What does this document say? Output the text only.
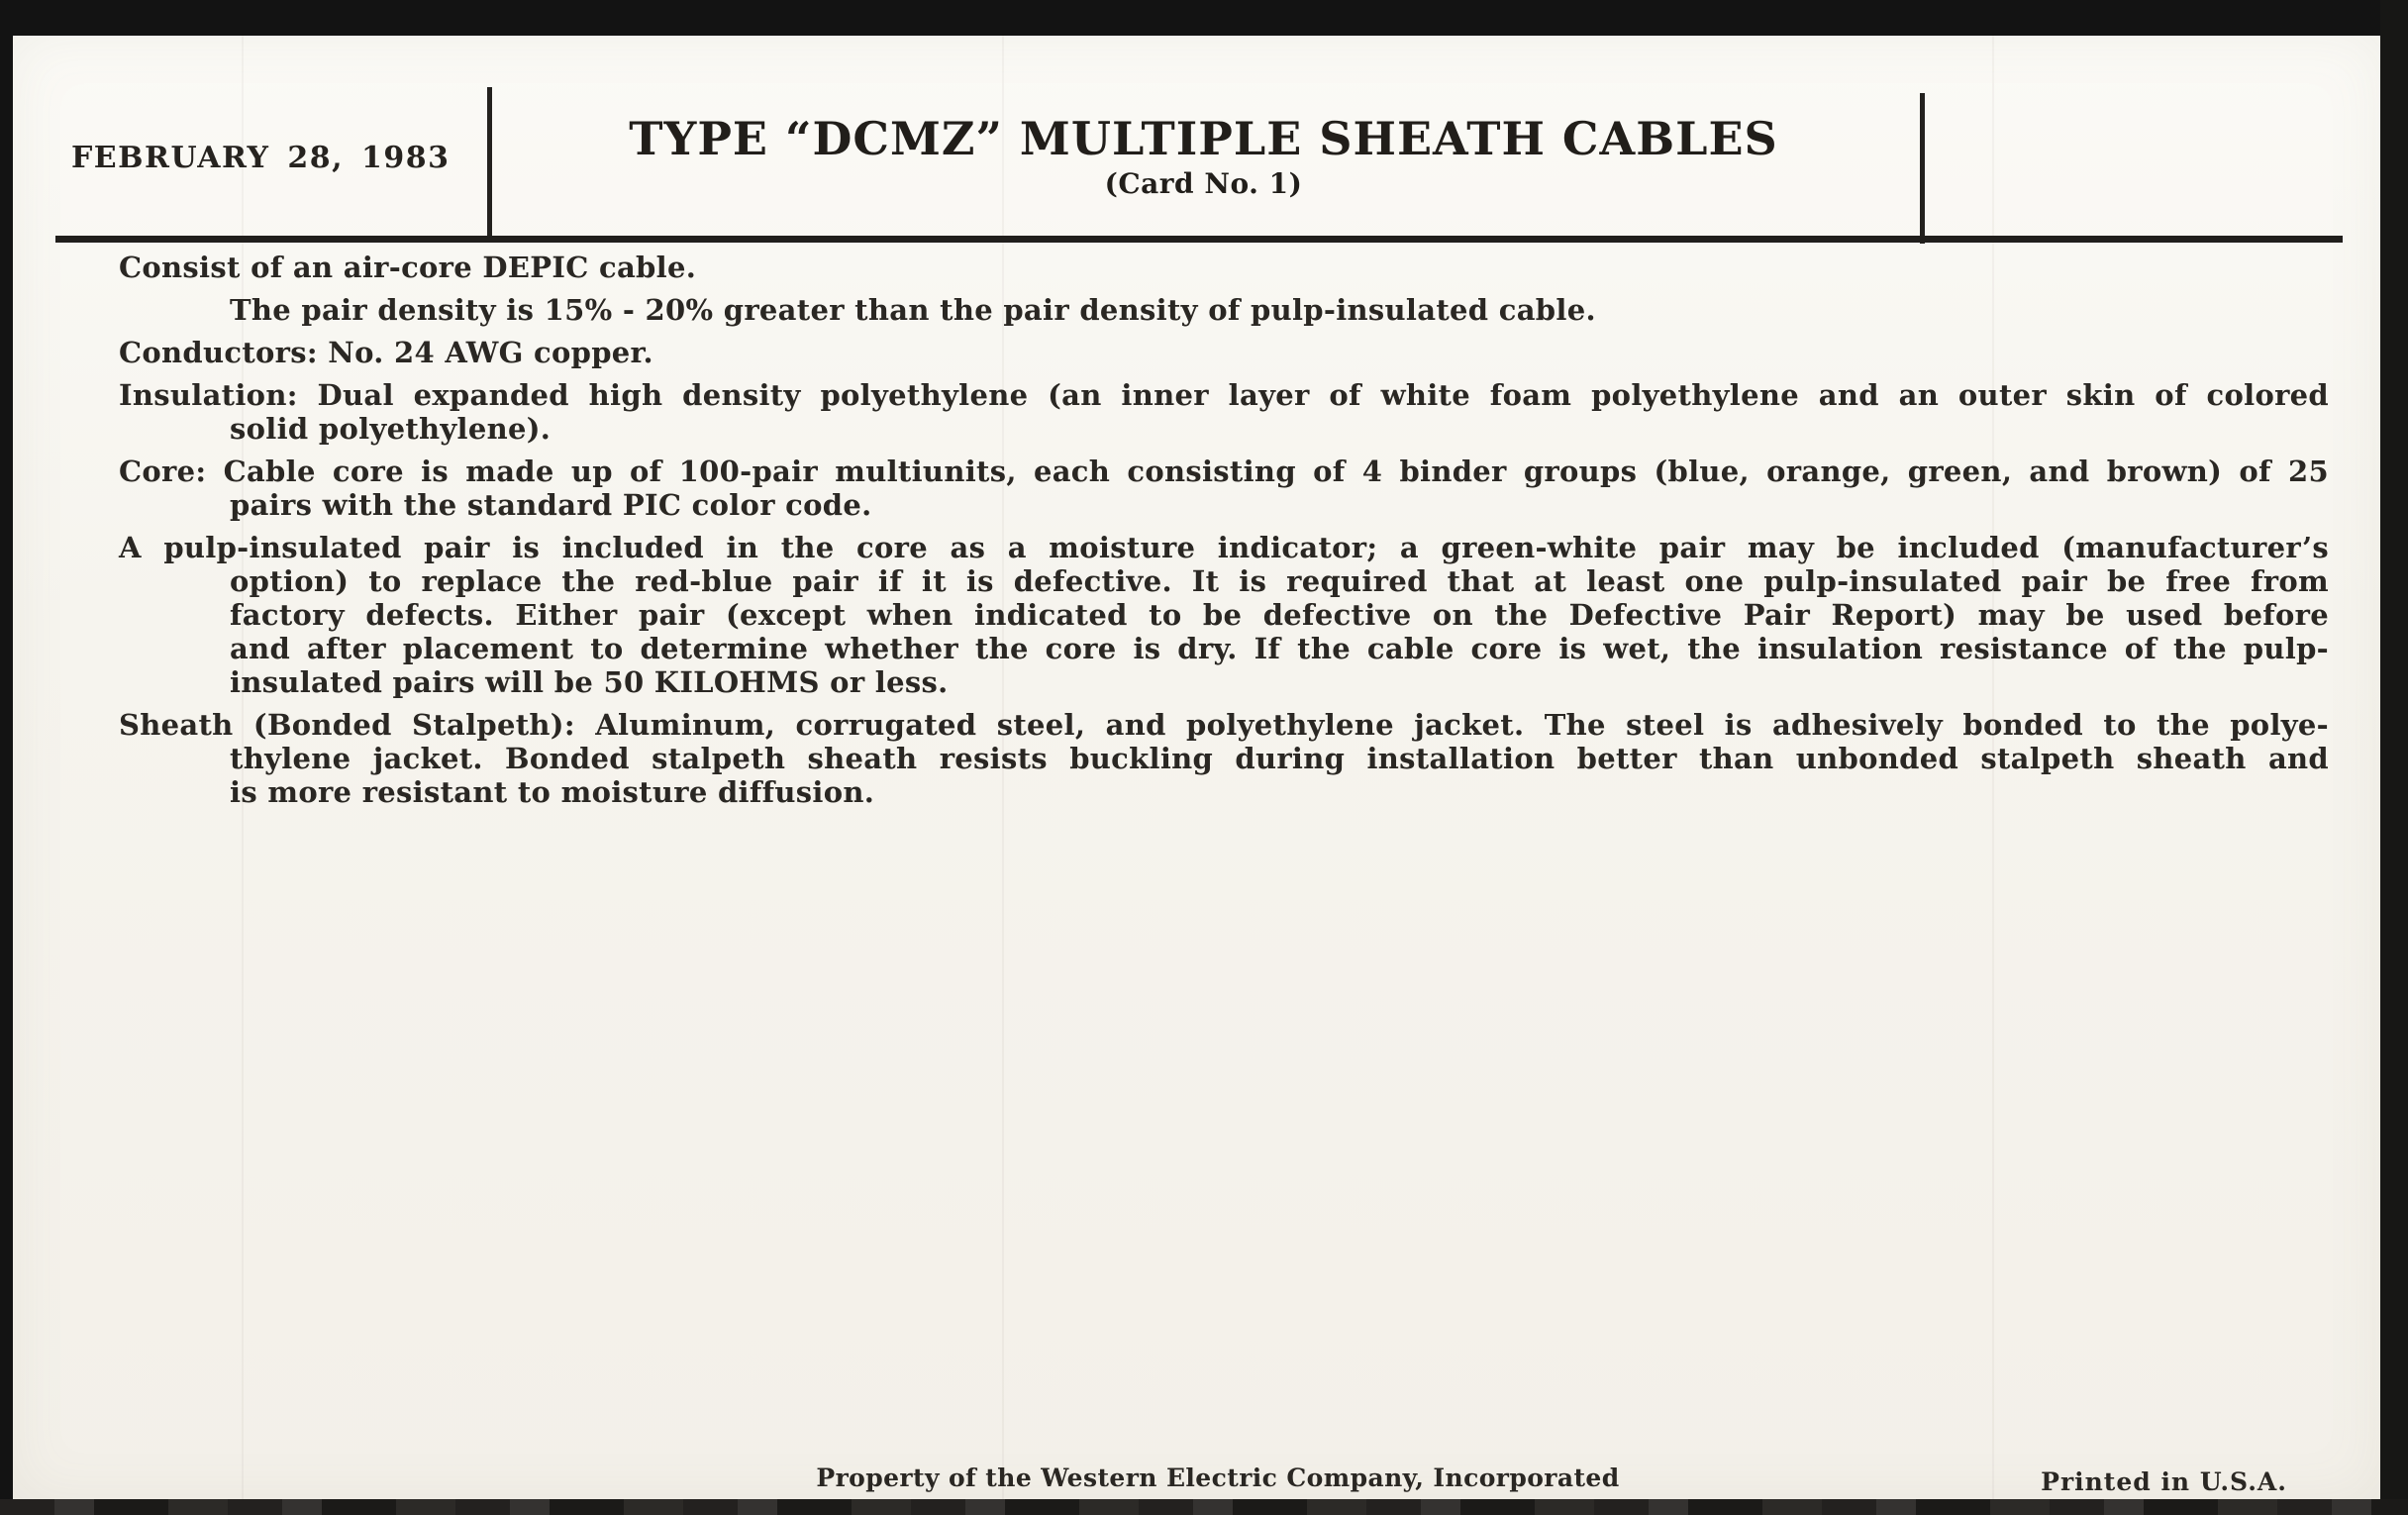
FEBRUARY 28, 1983	TYPE “DCMZ” MULTIPLE SHEATH CABLES
(Card No. 1)
Consist of an air-core DEPIC cable.
The pair density is 15% - 20% greater than the pair density of pulp-insulated cable.
Conductors: No. 24 AWG copper.
Insulation: Dual expanded high density polyethylene (an inner layer of white foam polyethylene and an outer skin of colored
solid polyethylene).
Core: Cable core is made up of 100-pair multiunits, each consisting of 4 binder groups (blue, orange, green, and brown) of 25
pairs with the standard PIC color code.
A pulp-insulated pair is included in the core as a moisture indicator; a green-white pair may be included (manufacturer’s
option) to replace the red-blue pair if it is defective. It is required that at least one pulp-insulated pair be free from
factory defects. Either pair (except when indicated to be defective on the Defective Pair Report) may be used before
and after placement to determine whether the core is dry. If the cable core is wet, the insulation resistance of the pulp-
insulated pairs will be 50 KILOHMS or less.
Sheath (Bonded Stalpeth): Aluminum, corrugated steel, and polyethylene jacket. The steel is adhesively bonded to the polye-
thylene jacket. Bonded stalpeth sheath resists buckling during installation better than unbonded stalpeth sheath and
is more resistant to moisture diffusion.
Property of the Western Electric Company, Incorporated	Printed in U.S.A.
